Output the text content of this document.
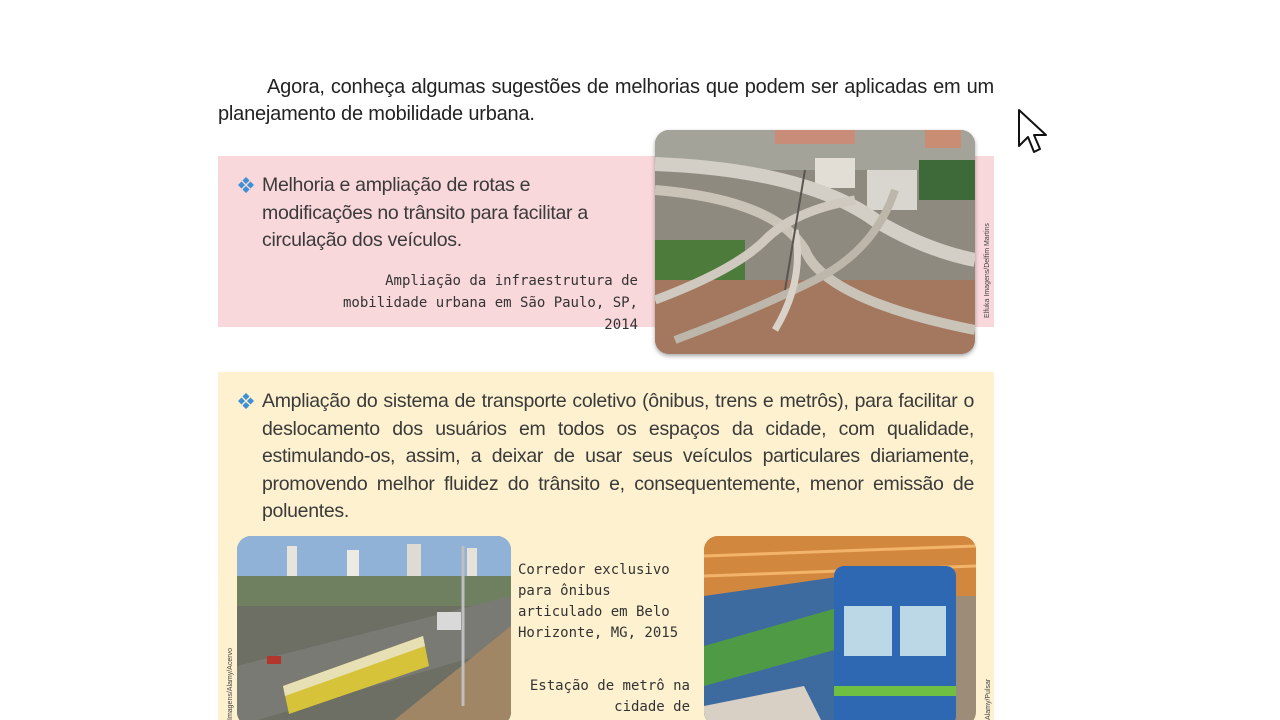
Agora, conheça algumas sugestões de melhorias que podem ser aplicadas em um planejamento de mobilidade urbana.

Melhoria e ampliação de rotas e modificações no trânsito para facilitar a circulação dos veículos.

Ampliação da infraestrutura de mobilidade urbana em São Paulo, SP, 2014

Elfuka Imagens/Delfim Martins

Ampliação do sistema de transporte coletivo (ônibus, trens e metrôs), para facilitar o deslocamento dos usuários em todos os espaços da cidade, com qualidade, estimulando-os, assim, a deixar de usar seus veículos particulares diariamente, promovendo melhor fluidez do trânsito e, consequentemente, menor emissão de poluentes.

Imagens/Alamy/Acervo

Corredor exclusivo para ônibus articulado em Belo Horizonte, MG, 2015

Estação de metrô na cidade de	Alamy/Pulsar
